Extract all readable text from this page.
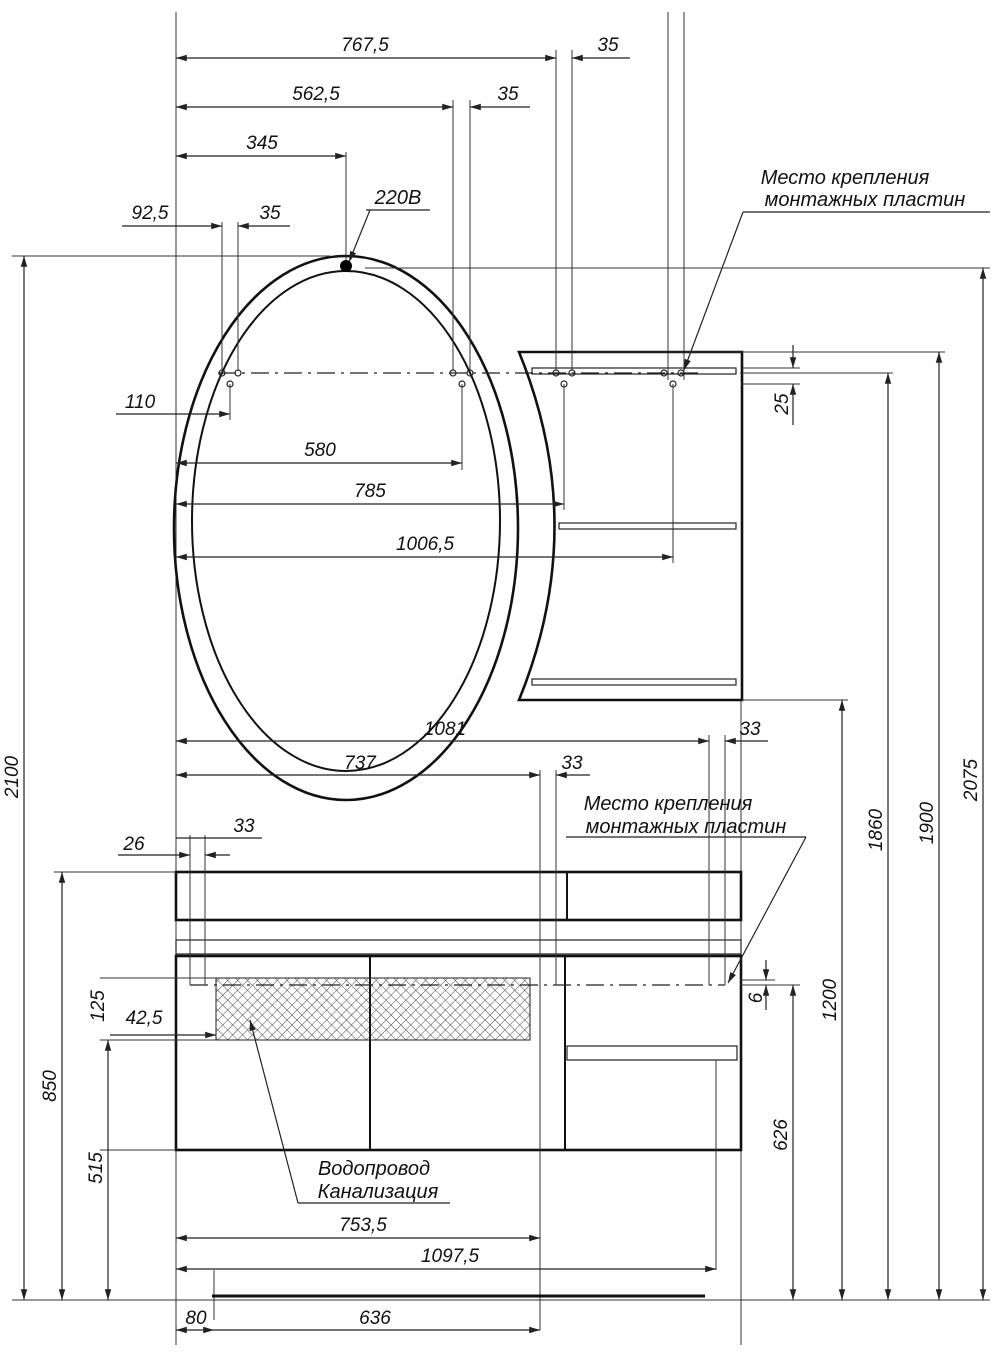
767,5	35
562,5	35
345
92,5	35
220В
Место крепления
монтажных пластин
110
580
785
1006,5
25
1081	33
737	33
26
33
Место крепления
монтажных пластин
6
125 42,5
Водопровод
Канализация
753,5
1097,5
80	636
2100
850
515
626
1200
1860 1900
2075
